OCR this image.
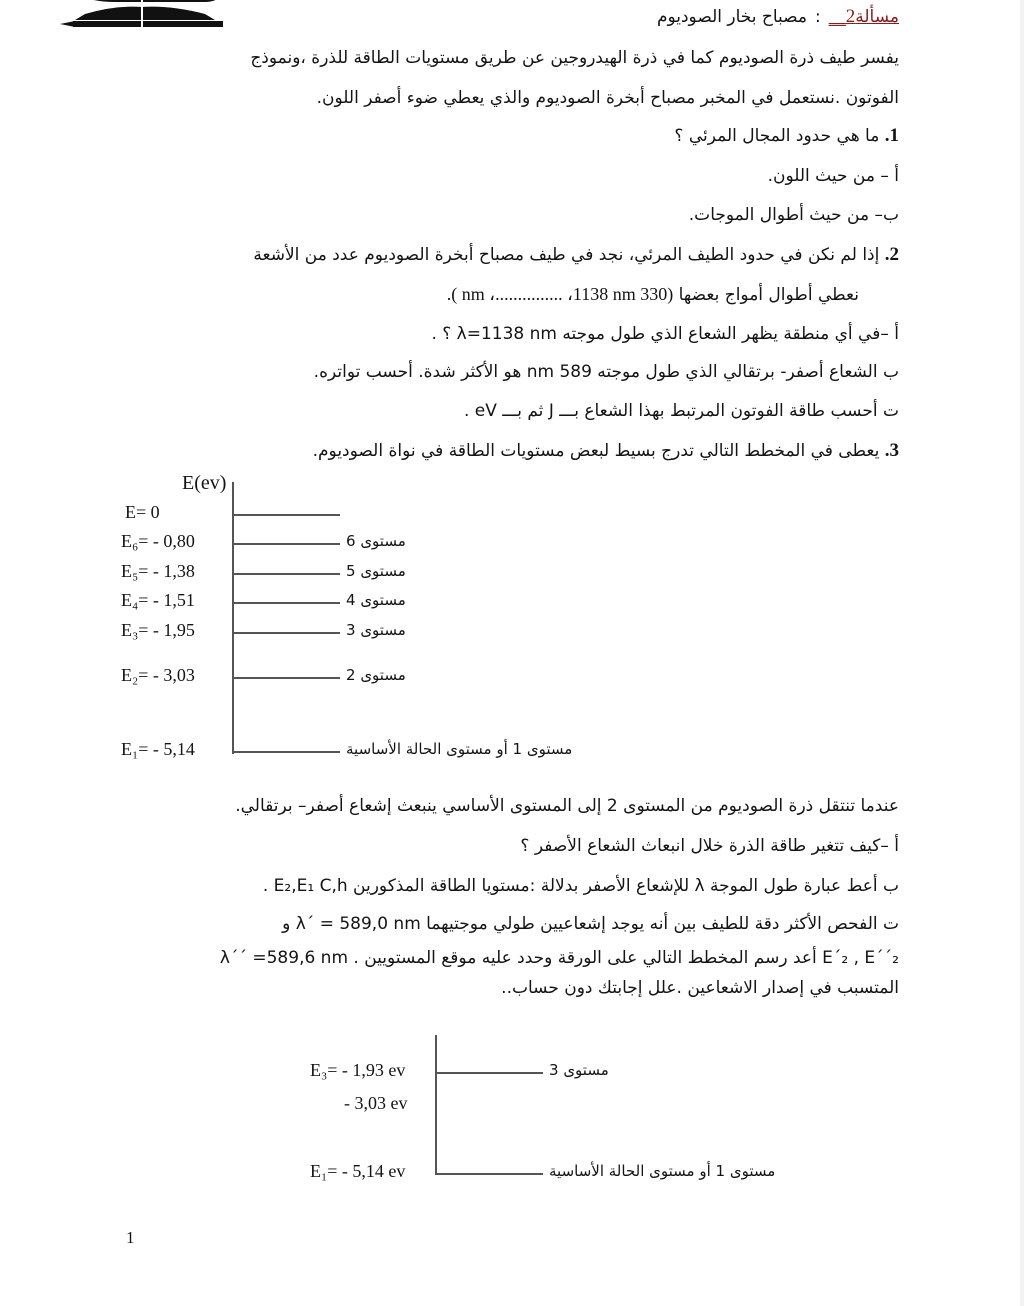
مسألة2__:مصباح بخار الصوديوم
يفسر طيف ذرة الصوديوم كما في ذرة الهيدروجين عن طريق مستويات الطاقة للذرة ،ونموذج
الفوتون .نستعمل في المخبر مصباح أبخرة الصوديوم والذي يعطي ضوء أصفر اللون.
1. ما هي حدود المجال المرئي ؟
أ – من حيث اللون.
ب– من حيث أطوال الموجات.
2. إذا لم نكن في حدود الطيف المرئي، نجد في طيف مصباح أبخرة الصوديوم عدد من الأشعة
نعطي أطوال أمواج بعضها (330 nm ،............... ،1138 nm ).
أ –في أي منطقة يظهر الشعاع الذي طول موجته λ=1138 nm ؟ .
ب الشعاع أصفر- برتقالي الذي طول موجته 589 nm هو الأكثر شدة. أحسب تواتره.
ت أحسب طاقة الفوتون المرتبط بهذا الشعاع بـــ J ثم بـــ eV .
3. يعطى في المخطط التالي تدرج بسيط لبعض مستويات الطاقة في نواة الصوديوم.
E(ev)
E= 0
E₆= - 0,80	مستوى 6
E₅= - 1,38	مستوى 5
E₄= - 1,51	مستوى 4
E₃= - 1,95	مستوى 3
E₂= - 3,03	مستوى 2
E₁= - 5,14	مستوى 1 أو مستوى الحالة الأساسية
عندما تنتقل ذرة الصوديوم من المستوى 2 إلى المستوى الأساسي ينبعث إشعاع أصفر– برتقالي.
أ –كيف تتغير طاقة الذرة خلال انبعاث الشعاع الأصفر ؟
ب أعط عبارة طول الموجة λ للإشعاع الأصفر بدلالة :مستويا الطاقة المذكورين E₂,E₁ C,h .
ت الفحص الأكثر دقة للطيف بين أنه يوجد إشعاعيين طولي موجتيهما λ´ = 589,0 nm و
λ´´ =589,6 nm . أعد رسم المخطط التالي على الورقة وحدد عليه موقع المستويين E´₂ , E´´₂
المتسبب في إصدار الاشعاعين .علل إجابتك دون حساب..
E₃= - 1,93 ev	مستوى 3
- 3,03 ev
E₁= - 5,14 ev	مستوى 1 أو مستوى الحالة الأساسية
1
